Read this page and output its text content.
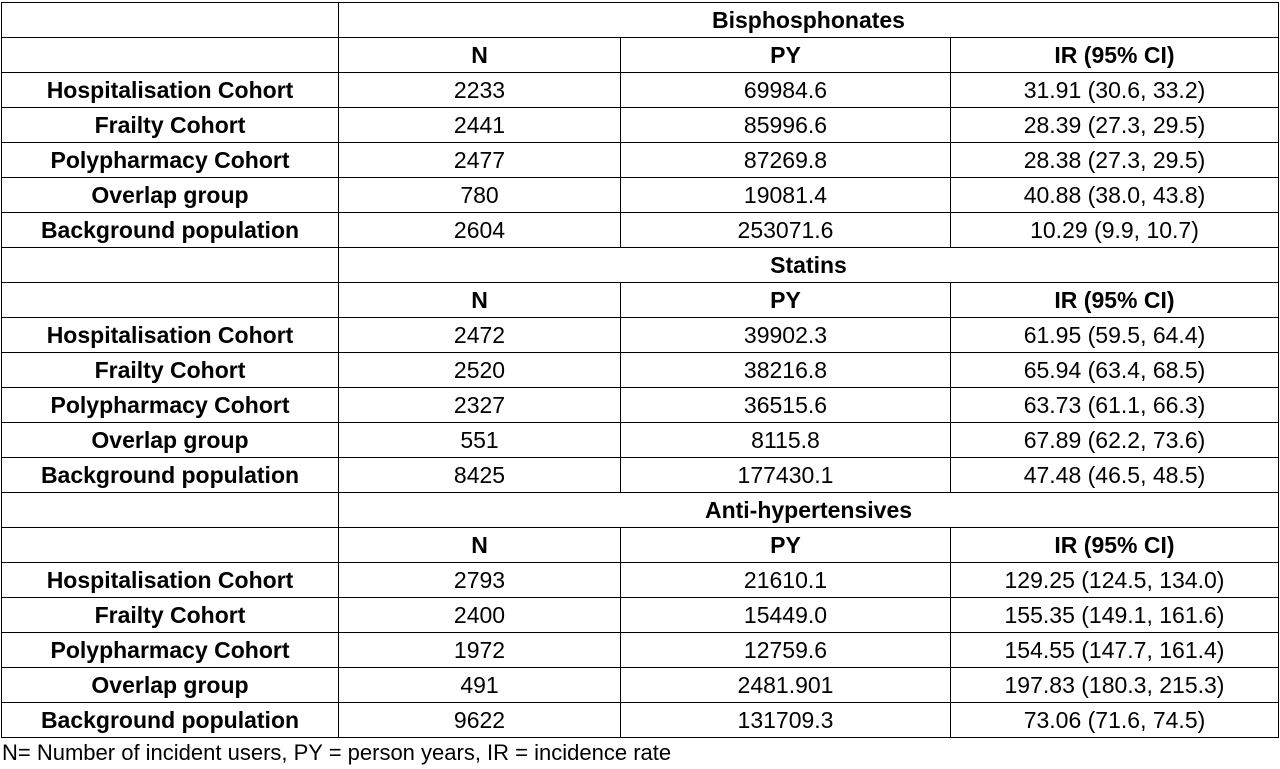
	Bisphosphonates		
	N	PY	IR (95% CI)
Hospitalisation Cohort	2233	69984.6	31.91 (30.6, 33.2)
Frailty Cohort	2441	85996.6	28.39 (27.3, 29.5)
Polypharmacy Cohort	2477	87269.8	28.38 (27.3, 29.5)
Overlap group	780	19081.4	40.88 (38.0, 43.8)
Background population	2604	253071.6	10.29 (9.9, 10.7)
	Statins		
	N	PY	IR (95% CI)
Hospitalisation Cohort	2472	39902.3	61.95 (59.5, 64.4)
Frailty Cohort	2520	38216.8	65.94 (63.4, 68.5)
Polypharmacy Cohort	2327	36515.6	63.73 (61.1, 66.3)
Overlap group	551	8115.8	67.89 (62.2, 73.6)
Background population	8425	177430.1	47.48 (46.5, 48.5)
	Anti-hypertensives		
	N	PY	IR (95% CI)
Hospitalisation Cohort	2793	21610.1	129.25 (124.5, 134.0)
Frailty Cohort	2400	15449.0	155.35 (149.1, 161.6)
Polypharmacy Cohort	1972	12759.6	154.55 (147.7, 161.4)
Overlap group	491	2481.901	197.83 (180.3, 215.3)
Background population	9622	131709.3	73.06 (71.6, 74.5)
N= Number of incident users, PY = person years, IR = incidence rate
